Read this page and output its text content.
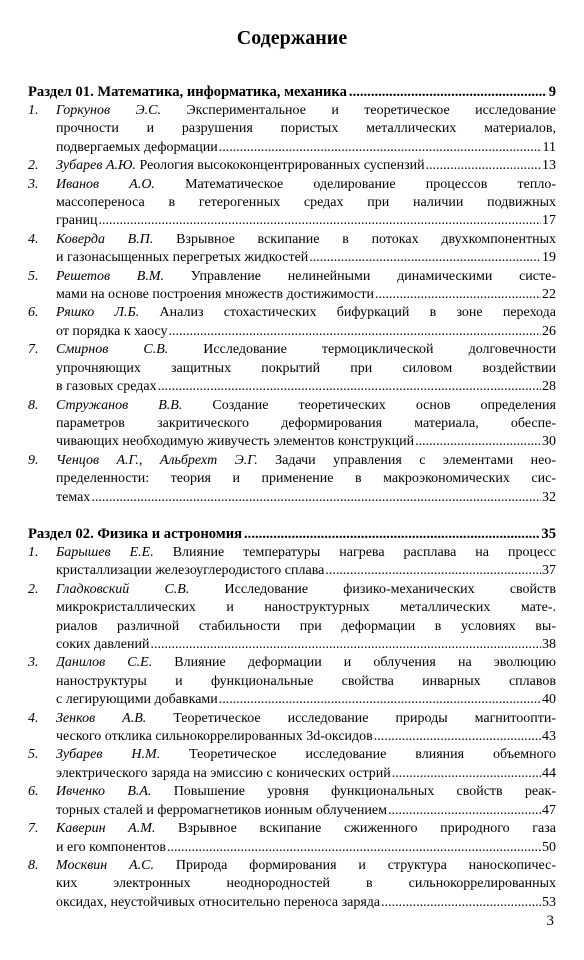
Содержание
Раздел 01. Математика, информатика, механика .....	9
1.	Горкунов Э.С. Экспериментальное и теоретическое исследование
прочности и разрушения пористых металлических материалов,
подвергаемых деформации .....	11
2.	Зубарев А.Ю. Реология высококонцентрированных суспензий .....	13
3.	Иванов А.О. Математическое оделирование процессов тепло-
массопереноса в гетерогенных средах при наличии подвижных
границ .....	17
4.	Коверда В.П. Взрывное вскипание в потоках двухкомпонентных
и газонасыщенных перегретых жидкостей .....	19
5.	Решетов В.М. Управление нелинейными динамическими систе-
мами на основе построения множеств достижимости .....	22
6.	Ряшко Л.Б. Анализ стохастических бифуркаций в зоне перехода
от порядка к хаосу .....	26
7.	Смирнов С.В. Исследование термоциклической долговечности
упрочняющих защитных покрытий при силовом воздействии
в газовых средах .....	28
8.	Стружанов В.В. Создание теоретических основ определения
параметров закритического деформирования материала, обеспе-
чивающих необходимую живучесть элементов конструкций .....	30
9.	Ченцов А.Г., Альбрехт Э.Г. Задачи управления с элементами нео-
пределенности: теория и применение в макроэкономических сис-
темах .....	32
Раздел 02. Физика и астрономия .....	35
1.	Барышев Е.Е. Влияние температуры нагрева расплава на процесс
кристаллизации железоуглеродистого сплава .....	37
2.	Гладковский С.В. Исследование физико-механических свойств
микрокристаллических и наноструктурных металлических мате-.
риалов различной стабильности при деформации в условиях вы-
соких давлений .....	38
3.	Данилов С.Е. Влияние деформации и облучения на эволюцию
наноструктуры и функциональные свойства инварных сплавов
с легирующими добавками .....	40
4.	Зенков А.В. Теоретическое исследование природы магнитоопти-
ческого отклика сильнокоррелированных 3d-оксидов .....	43
5.	Зубарев Н.М. Теоретическое исследование влияния объемного
электрического заряда на эмиссию с конических острий .....	44
6.	Ивченко В.А. Повышение уровня функциональных свойств реак-
торных сталей и ферромагнетиков ионным облучением .....	47
7.	Каверин А.М. Взрывное вскипание сжиженного природного газа
и его компонентов .....	50
8.	Москвин А.С. Природа формирования и структура наноскопичес-
ких электронных неоднородностей в сильнокоррелированных
оксидах, неустойчивых относительно переноса заряда .....	53
3
